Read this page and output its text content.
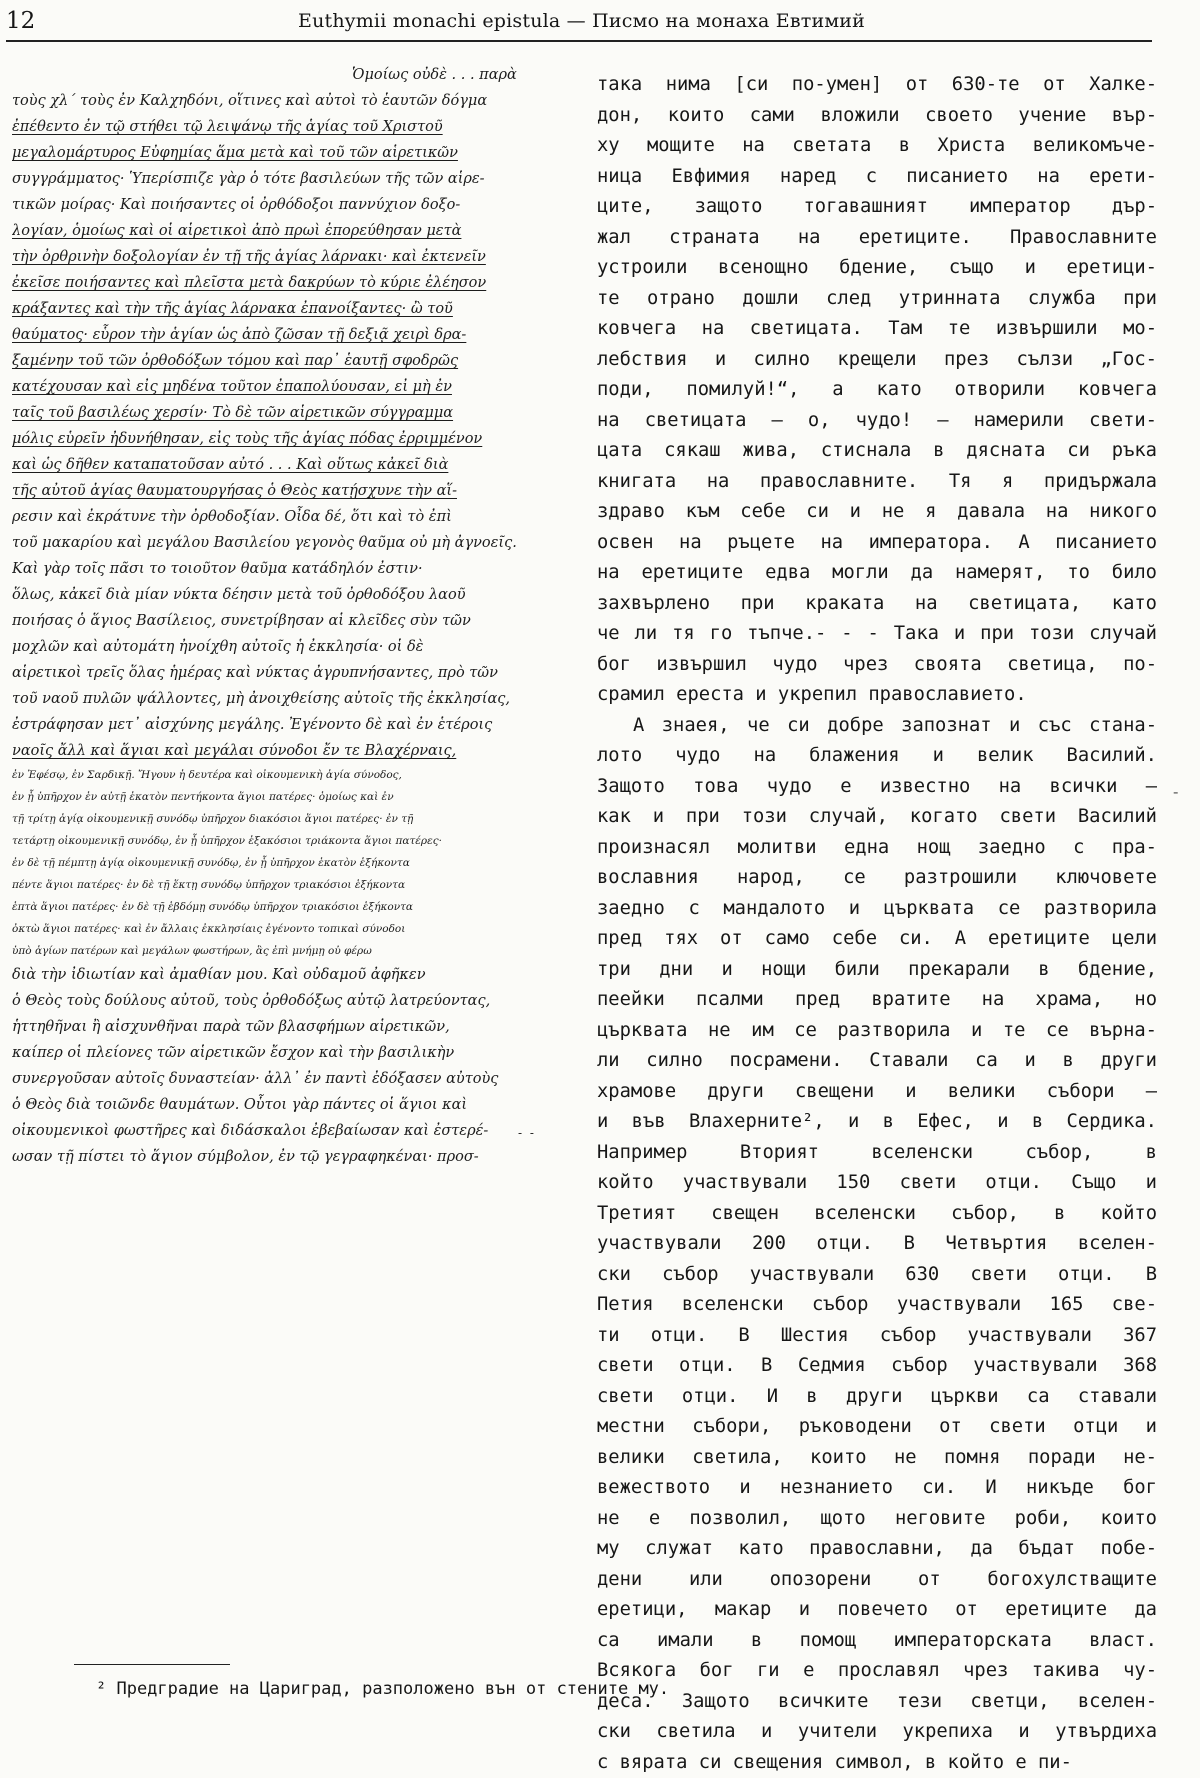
12	Euthymii monachi epistula — Писмо на монаха Евтимий
Ὁμοίως οὐδὲ . . . παρὰ
τοὺς χλ΄ τοὺς ἐν Καλχηδόνι, οἵτινες καὶ αὐτοὶ τὸ ἑαυτῶν δόγμα
ἐπέθεντο ἐν τῷ στήθει τῷ λειψάνῳ τῆς ἁγίας τοῦ Χριστοῦ
μεγαλομάρτυρος Εὐφημίας ἅμα μετὰ καὶ τοῦ τῶν αἱρετικῶν
συγγράμματος· Ὑπερίσπιζε γὰρ ὁ τότε βασιλεύων τῆς τῶν αἱρε-
τικῶν μοίρας· Καὶ ποιήσαντες οἱ ὀρθόδοξοι παννύχιον δοξο-
λογίαν, ὁμοίως καὶ οἱ αἱρετικοὶ ἀπὸ πρωὶ ἐπορεύθησαν μετὰ
τὴν ὀρθρινὴν δοξολογίαν ἐν τῇ τῆς ἁγίας λάρνακι· καὶ ἐκτενεῖν
ἐκεῖσε ποιήσαντες καὶ πλεῖστα μετὰ δακρύων τὸ κύριε ἐλέησον
κράξαντες καὶ τὴν τῆς ἁγίας λάρνακα ἐπανοίξαντες· ὢ τοῦ
θαύματος· εὗρον τὴν ἁγίαν ὡς ἀπὸ ζῶσαν τῇ δεξιᾷ χειρὶ δρα-
ξαμένην τοῦ τῶν ὀρθοδόξων τόμου καὶ παρ᾽ ἑαυτῇ σφοδρῶς
κατέχουσαν καὶ εἰς μηδένα τοῦτον ἐπαπολύουσαν, εἰ μὴ ἐν
ταῖς τοῦ βασιλέως χερσίν· Τὸ δὲ τῶν αἱρετικῶν σύγγραμμα
μόλις εὑρεῖν ἠδυνήθησαν, εἰς τοὺς τῆς ἁγίας πόδας ἐρριμμένον
καὶ ὡς δῆθεν καταπατοῦσαν αὐτό . . . Καὶ οὕτως κἀκεῖ διὰ
τῆς αὐτοῦ ἁγίας θαυματουργήσας ὁ Θεὸς κατῄσχυνε τὴν αἵ-
ρεσιν καὶ ἐκράτυνε τὴν ὀρθοδοξίαν. Οἶδα δέ, ὅτι καὶ τὸ ἐπὶ
τοῦ μακαρίου καὶ μεγάλου Βασιλείου γεγονὸς θαῦμα οὐ μὴ ἀγνοεῖς.
Καὶ γὰρ τοῖς πᾶσι το τοιοῦτον θαῦμα κατάδηλόν ἐστιν·
ὅλως, κἀκεῖ διὰ μίαν νύκτα δέησιν μετὰ τοῦ ὀρθοδόξου λαοῦ
ποιήσας ὁ ἅγιος Βασίλειος, συνετρίβησαν αἱ κλεῖδες σὺν τῶν
μοχλῶν καὶ αὐτομάτη ἠνοίχθη αὐτοῖς ἡ ἐκκλησία· οἱ δὲ
αἱρετικοὶ τρεῖς ὅλας ἡμέρας καὶ νύκτας ἀγρυπνήσαντες, πρὸ τῶν
τοῦ ναοῦ πυλῶν ψάλλοντες, μὴ ἀνοιχθείσης αὐτοῖς τῆς ἐκκλησίας,
ἐστράφησαν μετ᾽ αἰσχύνης μεγάλης. Ἐγένοντο δὲ καὶ ἐν ἑτέροις
ναοῖς ἄλλ καὶ ἅγιαι καὶ μεγάλαι σύνοδοι ἔν τε Βλαχέρναις,
ἐν Ἐφέσῳ, ἐν Σαρδικῇ. Ἤγουν ἡ δευτέρα καὶ οἰκουμενικὴ ἁγία σύνοδος,
ἐν ᾗ ὑπῆρχον ἑν αὐτῇ ἑκατὸν πεντήκοντα ἅγιοι πατέρες· ὁμοίως καὶ ἐν
τῇ τρίτῃ ἁγίᾳ οἰκουμενικῇ συνόδῳ ὑπῆρχον διακόσιοι ἅγιοι πατέρες· ἐν τῇ
τετάρτῃ οἰκουμενικῇ συνόδῳ, ἐν ᾗ ὑπῆρχον ἑξακόσιοι τριάκοντα ἅγιοι πατέρες·
ἐν δὲ τῇ πέμπτῃ ἁγίᾳ οἰκουμενικῇ συνόδῳ, ἐν ᾗ ὑπῆρχον ἑκατὸν ἑξήκοντα
πέντε ἅγιοι πατέρες· ἐν δὲ τῇ ἕκτῃ συνόδῳ ὑπῆρχον τριακόσιοι ἑξήκοντα
ἑπτὰ ἅγιοι πατέρες· ἐν δὲ τῇ ἑβδόμῃ συνόδῳ ὑπῆρχον τριακόσιοι ἑξήκοντα
ὀκτὼ ἅγιοι πατέρες· καὶ ἐν ἄλλαις ἐκκλησίαις ἐγένοντο τοπικαὶ σύνοδοι
ὑπὸ ἁγίων πατέρων καὶ μεγάλων φωστήρων, ἃς ἐπὶ μνήμῃ οὐ φέρω
διὰ τὴν ἰδιωτίαν καὶ ἀμαθίαν μου. Καὶ οὐδαμοῦ ἀφῆκεν
ὁ Θεὸς τοὺς δούλους αὐτοῦ, τοὺς ὀρθοδόξως αὐτῷ λατρεύοντας,
ἡττηθῆναι ἢ αἰσχυνθῆναι παρὰ τῶν βλασφήμων αἱρετικῶν,
καίπερ οἱ πλείονες τῶν αἱρετικῶν ἔσχον καὶ τὴν βασιλικὴν
συνεργοῦσαν αὐτοῖς δυναστείαν· ἀλλ᾽ ἐν παντὶ ἐδόξασεν αὐτοὺς
ὁ Θεὸς διὰ τοιῶνδε θαυμάτων. Οὗτοι γὰρ πάντες οἱ ἅγιοι καὶ
οἰκουμενικοὶ φωστῆρες καὶ διδάσκαλοι ἐβεβαίωσαν καὶ ἐστερέ-
ωσαν τῇ πίστει τὸ ἅγιον σύμβολον, ἐν τῷ γεγραφηκέναι· προσ-
- -
така нима [си по-умен] от 630-те от Халке-
дон, които сами вложили своето учение вър-
ху мощите на светата в Христа великомъче-
ница Евфимия наред с писанието на ерети-
ците, защото тогавашният император дър-
жал страната на еретиците. Православните
устроили всенощно бдение, също и еретици-
те отрано дошли след утринната служба при
ковчега на светицата. Там те извършили мо-
лебствия и силно крещели през сълзи „Гос-
поди, помилуй!“, а като отворили ковчега
на светицата — о, чудо! — намерили свети-
цата сякаш жива, стиснала в дясната си ръка
книгата на православните. Тя я придържала
здраво към себе си и не я давала на никого
освен на ръцете на императора. А писанието
на еретиците едва могли да намерят, то било
захвърлено при краката на светицата, като
че ли тя го тъпче.- - - Така и при този случай
бог извършил чудо чрез своята светица, по-
срамил ереста и укрепил православието.
А знаея, че си добре запознат и със стана-
лото чудо на блажения и велик Василий.
Защото това чудо е известно на всички —
как и при този случай, когато свети Василий
произнасял молитви една нощ заедно с пра-
вославния народ, се разтрошили ключовете
заедно с мандалото и църквата се разтворила
пред тях от само себе си. А еретиците цели
три дни и нощи били прекарали в бдение,
пеейки псалми пред вратите на храма, но
църквата не им се разтворила и те се върна-
ли силно посрамени. Ставали са и в други
храмове други свещени и велики събори —
и във Влахерните², и в Ефес, и в Сердика.
Например Вторият вселенски събор, в
който участвували 150 свети отци. Също и
Третият свещен вселенски събор, в който
участвували 200 отци. В Четвъртия вселен-
ски събор участвували 630 свети отци. В
Петия вселенски събор участвували 165 све-
ти отци. В Шестия събор участвували 367
свети отци. В Седмия събор участвували 368
свети отци. И в други църкви са ставали
местни събори, ръководени от свети отци и
велики светила, които не помня поради не-
вежеството и незнанието си. И никъде бог
не е позволил, щото неговите роби, които
му служат като православни, да бъдат побе-
дени или опозорени от богохулстващите
еретици, макар и повечето от еретиците да
са имали в помощ императорската власт.
Всякога бог ги е прославял чрез такива чу-
деса. Защото всичките тези светци, вселен-
ски светила и учители укрепиха и утвърдиха
с вярата си свещения символ, в който е пи-
-
² Предградие на Цариград, разположено вън от стените му.
